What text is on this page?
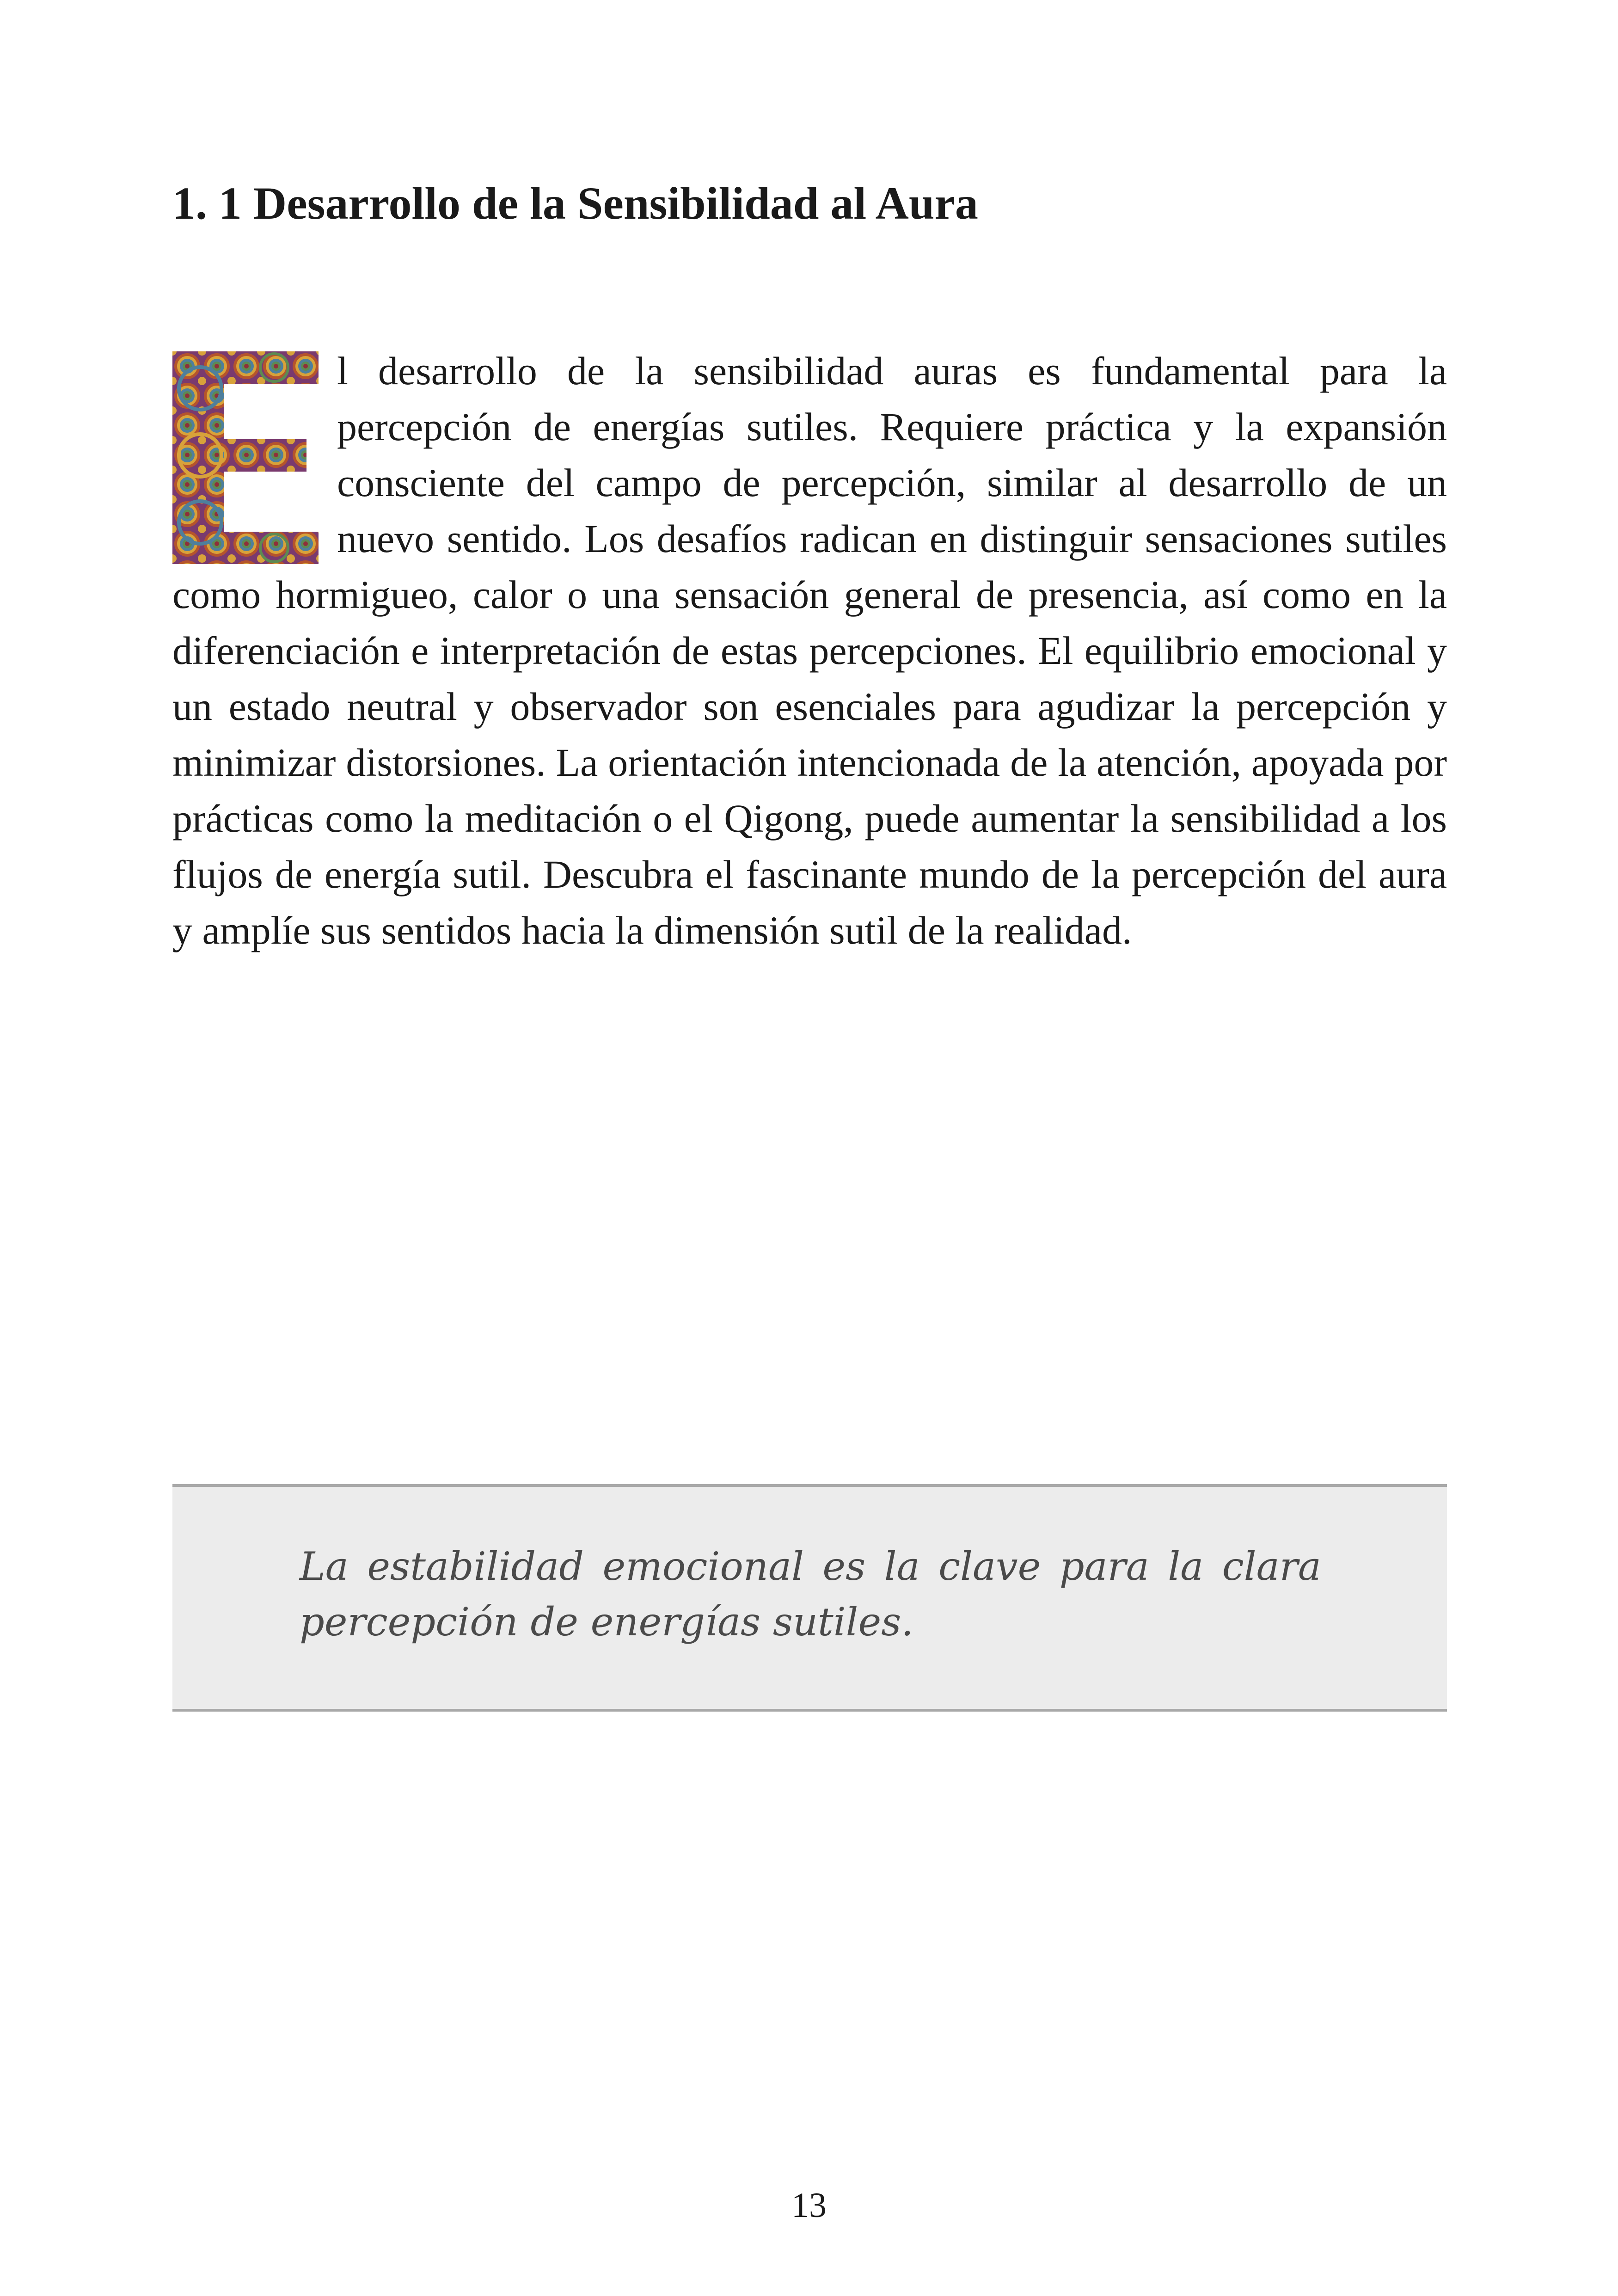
1. 1 Desarrollo de la Sensibilidad al Aura

l desarrollo de la sensibilidad auras es fundamental para la percepción de energías sutiles. Requiere práctica y la expansión consciente del campo de percepción, similar al desarrollo de un nuevo sentido. Los desafíos radican en distinguir sensaciones sutiles como hormigueo, calor o una sensación general de presencia, así como en la diferenciación e interpretación de estas percepciones. El equilibrio emocional y un estado neutral y observador son esenciales para agudizar la percepción y minimizar distorsiones. La orientación intencionada de la atención, apoyada por prácticas como la meditación o el Qigong, puede aumentar la sensibilidad a los flujos de energía sutil. Descubra el fascinante mundo de la percepción del aura y amplíe sus sentidos hacia la dimensión sutil de la realidad.

La estabilidad emocional es la clave para la clara percepción de energías sutiles.

13
